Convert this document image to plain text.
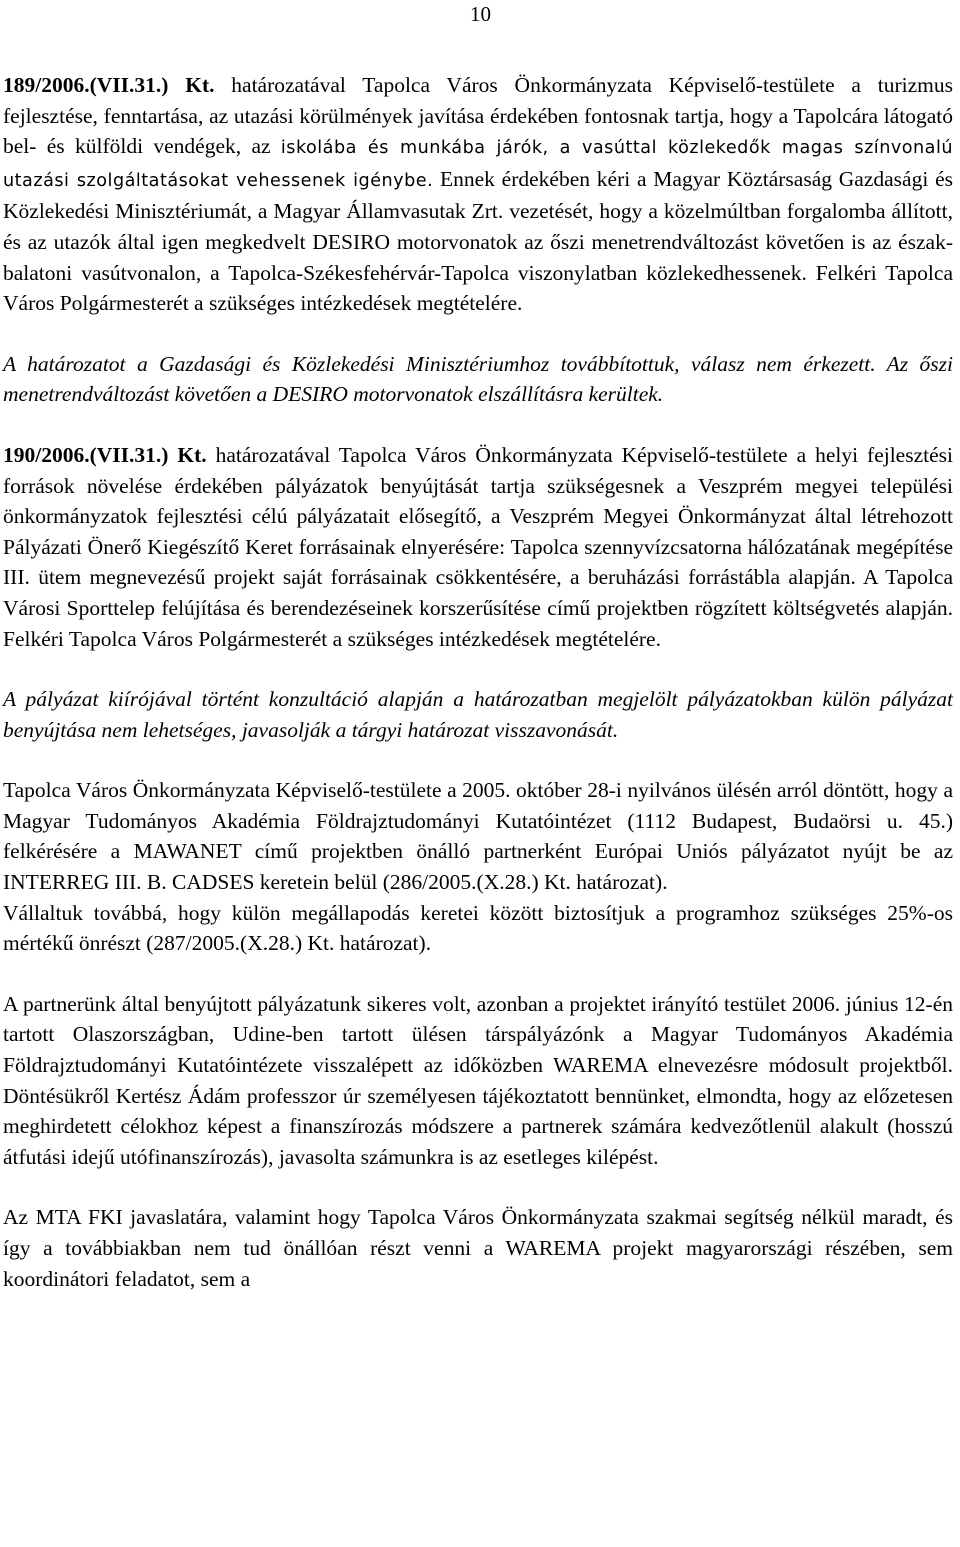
10

189/2006.(VII.31.) Kt. határozatával Tapolca Város Önkormányzata Képviselő-testülete a turizmus fejlesztése, fenntartása, az utazási körülmények javítása érdekében fontosnak tartja, hogy a Tapolcára látogató bel- és külföldi vendégek, az iskolába és munkába járók, a vasúttal közlekedők magas színvonalú utazási szolgáltatásokat vehessenek igénybe. Ennek érdekében kéri a Magyar Köztársaság Gazdasági és Közlekedési Minisztériumát, a Magyar Államvasutak Zrt. vezetését, hogy a közelmúltban forgalomba állított, és az utazók által igen megkedvelt DESIRO motorvonatok az őszi menetrendváltozást követően is az észak-balatoni vasútvonalon, a Tapolca-Székesfehérvár-Tapolca viszonylatban közlekedhessenek. Felkéri Tapolca Város Polgármesterét a szükséges intézkedések megtételére.

A határozatot a Gazdasági és Közlekedési Minisztériumhoz továbbítottuk, válasz nem érkezett. Az őszi menetrendváltozást követően a DESIRO motorvonatok elszállításra kerültek.

190/2006.(VII.31.) Kt. határozatával Tapolca Város Önkormányzata Képviselő-testülete a helyi fejlesztési források növelése érdekében pályázatok benyújtását tartja szükségesnek a Veszprém megyei települési önkormányzatok fejlesztési célú pályázatait elősegítő, a Veszprém Megyei Önkormányzat által létrehozott Pályázati Önerő Kiegészítő Keret forrásainak elnyerésére: Tapolca szennyvízcsatorna hálózatának megépítése III. ütem megnevezésű projekt saját forrásainak csökkentésére, a beruházási forrástábla alapján. A Tapolca Városi Sporttelep felújítása és berendezéseinek korszerűsítése című projektben rögzített költségvetés alapján. Felkéri Tapolca Város Polgármesterét a szükséges intézkedések megtételére.

A pályázat kiírójával történt konzultáció alapján a határozatban megjelölt pályázatokban külön pályázat benyújtása nem lehetséges, javasolják a tárgyi határozat visszavonását.

Tapolca Város Önkormányzata Képviselő-testülete a 2005. október 28-i nyilvános ülésén arról döntött, hogy a Magyar Tudományos Akadémia Földrajztudományi Kutatóintézet (1112 Budapest, Budaörsi u. 45.) felkérésére a MAWANET című projektben önálló partnerként Európai Uniós pályázatot nyújt be az INTERREG III. B. CADSES keretein belül (286/2005.(X.28.) Kt. határozat).

Vállaltuk továbbá, hogy külön megállapodás keretei között biztosítjuk a programhoz szükséges 25%-os mértékű önrészt (287/2005.(X.28.) Kt. határozat).

A partnerünk által benyújtott pályázatunk sikeres volt, azonban a projektet irányító testület 2006. június 12-én tartott Olaszországban, Udine-ben tartott ülésen társpályázónk a Magyar Tudományos Akadémia Földrajztudományi Kutatóintézete visszalépett az időközben WAREMA elnevezésre módosult projektből. Döntésükről Kertész Ádám professzor úr személyesen tájékoztatott bennünket, elmondta, hogy az előzetesen meghirdetett célokhoz képest a finanszírozás módszere a partnerek számára kedvezőtlenül alakult (hosszú átfutási idejű utófinanszírozás), javasolta számunkra is az esetleges kilépést.

Az MTA FKI javaslatára, valamint hogy Tapolca Város Önkormányzata szakmai segítség nélkül maradt, és így a továbbiakban nem tud önállóan részt venni a WAREMA projekt magyarországi részében, sem koordinátori feladatot, sem a
